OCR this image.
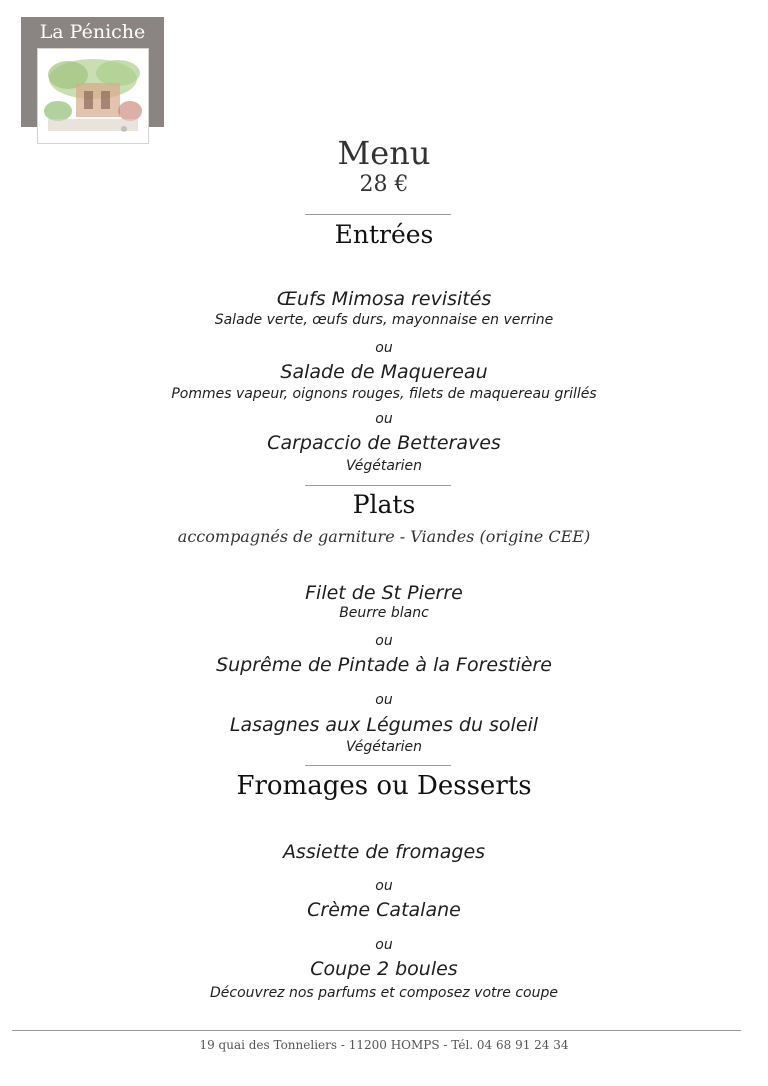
La Péniche
Menu
28 €
Entrées
Œufs Mimosa revisités
Salade verte, œufs durs, mayonnaise en verrine
ou
Salade de Maquereau
Pommes vapeur, oignons rouges, filets de maquereau grillés
ou
Carpaccio de Betteraves
Végétarien
Plats
accompagnés de garniture - Viandes (origine CEE)
Filet de St Pierre
Beurre blanc
ou
Suprême de Pintade à la Forestière
ou
Lasagnes aux Légumes du soleil
Végétarien
Fromages ou Desserts
Assiette de fromages
ou
Crème Catalane
ou
Coupe 2 boules
Découvrez nos parfums et composez votre coupe
19 quai des Tonneliers - 11200 HOMPS - Tél. 04 68 91 24 34
